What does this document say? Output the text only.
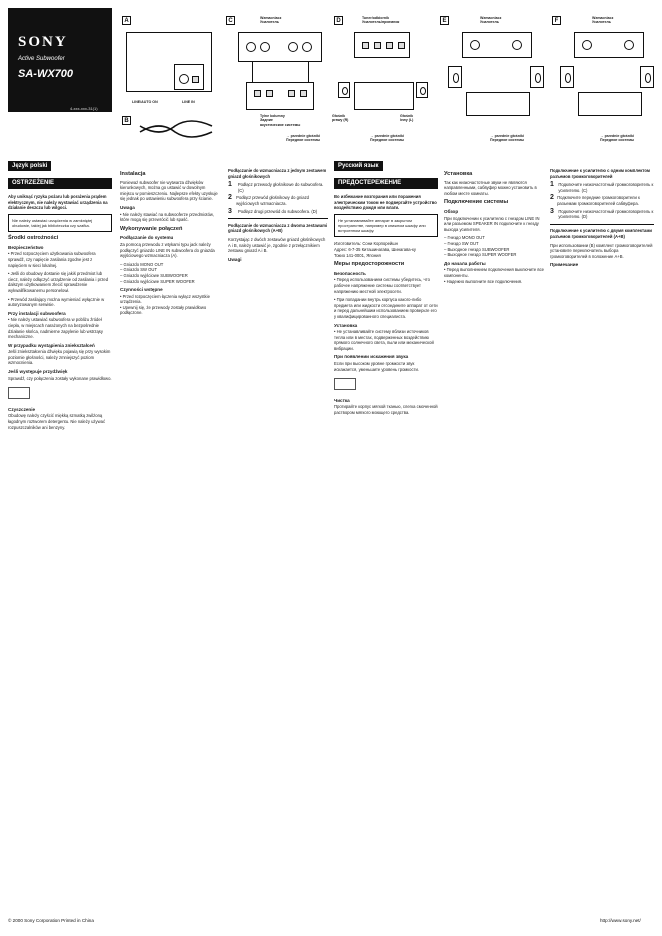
SONY
Active Subwoofer
SA-WX700
4-xxx-xxx-31(1)
A
LINE/AUTO ON	LINE IN
B
C	Wzmacniacz
Усилитель
Tylne kolumny
Задние
акустические системы
→ przednie głośniki
Передние системы
D	Tuner/odbiornik
Усилитель/приемник
Głośnik
prawy (R)
Głośnik
lewy (L)
→ przednie głośniki
Передние системы
E	Wzmacniacz
Усилитель
→ przednie głośniki
Передние системы
F	Wzmacniacz
Усилитель
→ przednie głośniki
Передние системы
Język polski
OSTRZEŻENIE

Aby uniknąć ryzyka pożaru lub porażenia prądem elektrycznym, nie należy wystawiać urządzenia na działanie deszczu lub wilgoci.

Nie należy ustawiać urządzenia w zamkniętej obudowie, takiej jak biblioteczka czy szafka.
Środki ostrożności
Bezpieczeństwo

• Przed rozpoczęciem użytkowania subwoofera sprawdź, czy napięcie zasilania zgodne jest z napięciem w sieci lokalnej.

• Jeśli do obudowy dostanie się jakiś przedmiot lub ciecz, należy odłączyć urządzenie od zasilania i przed dalszym użytkowaniem zlecić sprawdzenie wykwalifikowanemu personelowi.

• Przewód zasilający można wymieniać wyłącznie w autoryzowanym serwisie.

Przy instalacji subwoofera

• Nie należy ustawiać subwoofera w pobliżu źródeł ciepła, w miejscach narażonych na bezpośrednie działanie słońca, nadmierne zapylenie lub wstrząsy mechaniczne.

W przypadku wystąpienia zniekształceń

Jeśli zniekształcenia dźwięku pojawią się przy wysokim poziomie głośności, należy zmniejszyć poziom wzmocnienia.

Jeśli występuje przydźwięk

Sprawdź, czy połączenia zostały wykonane prawidłowo.

Czyszczenie

Obudowę należy czyścić miękką szmatką zwilżoną łagodnym roztworem detergentu. Nie należy używać rozpuszczalników ani benzyny.

Instalacja

Ponieważ subwoofer nie wytwarza dźwięków kierunkowych, można go ustawić w dowolnym miejscu w pomieszczeniu. Najlepsze efekty uzyskuje się jednak po ustawieniu subwoofera przy ścianie.

Uwaga

• Nie należy stawiać na subwooferze przedmiotów, które mogą się przewrócić lub spaść.

Wykonywanie połączeń
Podłączanie do systemu

Za pomocą przewodu z wtykami typu jack należy podłączyć gniazdo LINE IN subwoofera do gniazda wyjściowego wzmacniacza (A).

– Gniazdo MONO OUT

– Gniazdo SW OUT

– Gniazdo wyjściowe SUBWOOFER

– Gniazdo wyjściowe SUPER WOOFER

Czynności wstępne

• Przed rozpoczęciem łączenia wyłącz wszystkie urządzenia.
• Upewnij się, że przewody zostały prawidłowo podłączone.

Podłączanie do wzmacniacza z jednym zestawem gniazd głośnikowych

1	Podłącz przewody głośnikowe do subwoofera. (C)
2 Podłącz przewód głośnikowy do gniazd wyjściowych wzmacniacza.
3	Podłącz drugi przewód do subwoofera. (D)

Podłączanie do wzmacniacza z dwoma zestawami gniazd głośnikowych (A+B)

Korzystając z dwóch zestawów gniazd głośnikowych A i B, należy ustawić je, zgodnie z przełącznikiem zestawu gniazd A i B.

Uwagi
Русский язык
ПРЕДОСТЕРЕЖЕНИЕ

Во избежание возгорания или поражения электрическим током не подвергайте устройство воздействию дождя или влаги.

Не устанавливайте аппарат в закрытом пространстве, например в книжном шкафу или встроенном шкафу.

Изготовитель: Сони Корпорейшн
Адрес: 6-7-35 Киташинагава, Шинагава-ку
Токио 141-0001, Япония

Меры предосторожности
Безопасность

• Перед использованием системы убедитесь, что рабочее напряжение системы соответствует напряжению местной электросети.

• При попадании внутрь корпуса какого-либо предмета или жидкости отсоедините аппарат от сети и перед дальнейшим использованием проверьте его у квалифицированного специалиста.

Установка

• Не устанавливайте систему вблизи источников тепла или в местах, подверженных воздействию прямого солнечного света, пыли или механической вибрации.

При появлении искажения звука

Если при высоком уровне громкости звук искажается, уменьшите уровень громкости.

Чистка

Протирайте корпус мягкой тканью, слегка смоченной раствором мягкого моющего средства.

Установка

Так как низкочастотные звуки не являются направленными, сабвуфер можно установить в любом месте комнаты.

Подключение системы
Обзор

При подключении к усилителю с гнездом LINE IN или разъемом SPEAKER IN подключите к гнезду выхода усилителя.

– Гнездо MONO OUT

– Гнездо SW OUT

– Выходное гнездо SUBWOOFER

– Выходное гнездо SUPER WOOFER

До начала работы

• Перед выполнением подключения выключите все компоненты.
• Надежно выполните все подключения.

Подключение к усилителю с одним комплектом разъемов громкоговорителей

1	Подключите низкочастотный громкоговоритель к усилителю. (C)
2 Подключите передние громкоговорители к разъемам громкоговорителей сабвуфера.
3	Подключите низкочастотный громкоговоритель к усилителю. (D)

Подключение к усилителю с двумя комплектами разъемов громкоговорителей (A+B)

При использовании (B) комплект громкоговорителей установите переключатель выбора громкоговорителей в положение A+B.

Примечание
© 2000 Sony Corporation Printed in China	http://www.sony.net/
